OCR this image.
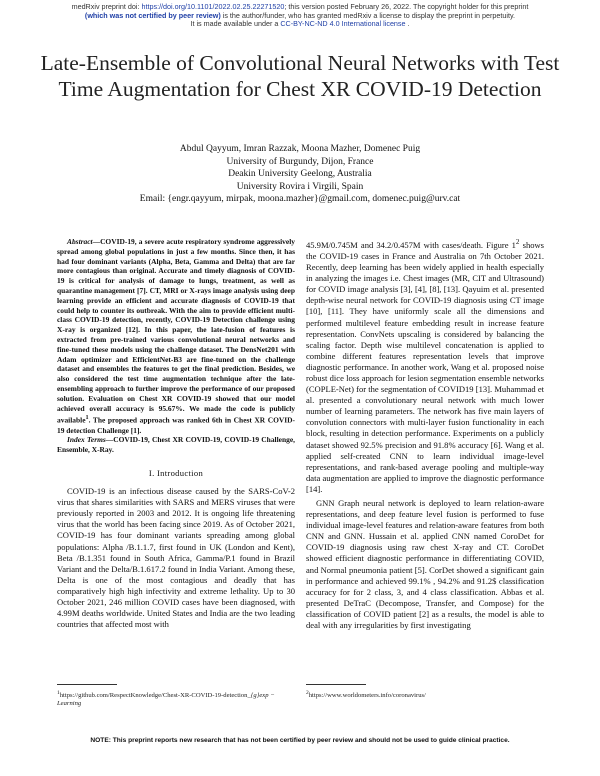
medRxiv preprint doi: https://doi.org/10.1101/2022.02.25.22271520; this version posted February 26, 2022. The copyright holder for this preprint
(which was not certified by peer review) is the author/funder, who has granted medRxiv a license to display the preprint in perpetuity.
It is made available under a CC-BY-NC-ND 4.0 International license .
Late-Ensemble of Convolutional Neural Networks with Test Time Augmentation for Chest XR COVID-19 Detection
Abdul Qayyum, Imran Razzak, Moona Mazher, Domenec Puig
University of Burgundy, Dijon, France
Deakin University Geelong, Australia
University Rovira i Virgili, Spain
Email: {engr.qayyum, mirpak, moona.mazher}@gmail.com, domenec.puig@urv.cat

Abstract—COVID-19, a severe acute respiratory syndrome aggressively spread among global populations in just a few months. Since then, it has had four dominant variants (Alpha, Beta, Gamma and Delta) that are far more contagious than original. Accurate and timely diagnosis of COVID-19 is critical for analysis of damage to lungs, treatment, as well as quarantine management [7]. CT, MRI or X-rays image analysis using deep learning provide an efficient and accurate diagnosis of COVID-19 that could help to counter its outbreak. With the aim to provide efficient multi-class COVID-19 detection, recently, COVID-19 Detection challenge using X-ray is organized [12]. In this paper, the late-fusion of features is extracted from pre-trained various convolutional neural networks and fine-tuned these models using the challenge dataset. The DensNet201 with Adam optimizer and EfficientNet-B3 are fine-tuned on the challenge dataset and ensembles the features to get the final prediction. Besides, we also considered the test time augmentation technique after the late-ensembling approach to further improve the performance of our proposed solution. Evaluation on Chest XR COVID-19 showed that our model achieved overall accuracy is 95.67%. We made the code is publicly available$^1$. The proposed approach was ranked 6th in Chest XR COVID-19 detection Challenge [1].

Index Terms—COVID-19, Chest XR COVID-19, COVID-19 Challenge, Ensemble, X-Ray.

I. Introduction

COVID-19 is an infectious disease caused by the SARS-CoV-2 virus that shares similarities with SARS and MERS viruses that were previously reported in 2003 and 2012. It is ongoing life threatening virus that the world has been facing since 2019. As of October 2021, COVID-19 has four dominant variants spreading among global populations: Alpha /B.1.1.7, first found in UK (London and Kent), Beta /B.1.351 found in South Africa, Gamma/P.1 found in Brazil Variant and the Delta/B.1.617.2 found in India Variant. Among these, Delta is one of the most contagious and deadly that has comparatively high high infectivity and extreme lethality. Up to 30 October 2021, 246 million COVID cases have been diagnosed, with 4.99M deaths worldwide. United States and India are the two leading countries that affected most with

45.9M/0.745M and 34.2/0.457M with cases/death. Figure $1^2$ shows the COVID-19 cases in France and Australia on 7th October 2021. Recently, deep learning has been widely applied in health especially in analyzing the images i.e. Chest images (MR, CIT and Ultrasound) for COVID image analysis [3], [4], [8], [13]. Qayuim et al. presented depth-wise neural network for COVID-19 diagnosis using CT image [10], [11]. They have uniformly scale all the dimensions and performed multilevel feature embedding result in increase feature representation. ConvNets upscaling is considered by balancing the scaling factor. Depth wise multilevel concatenation is applied to combine different features representation levels that improve diagnostic performance. In another work, Wang et al. proposed noise robust dice loss approach for lesion segmentation ensemble networks (COPLE-Net) for the segmentation of COVID19 [13]. Muhammad et al. presented a convolutionary neural network with much lower number of learning parameters. The network has five main layers of convolution connectors with multi-layer fusion functionality in each block, resulting in detection performance. Experiments on a publicly dataset showed 92.5% precision and 91.8% accuracy [6]. Wang et al. applied self-created CNN to learn individual image-level representations, and rank-based average pooling and multiple-way data augmentation are applied to improve the diagnostic performance [14].

GNN Graph neural network is deployed to learn relation-aware representations, and deep feature level fusion is performed to fuse individual image-level features and relation-aware features from both CNN and GNN. Hussain et al. applied CNN named CoroDet for COVID-19 diagnosis using raw chest X-ray and CT. CoroDet showed efficient diagnostic performance in differentiating COVID, and Normal pneumonia patient [5]. CorDet showed a significant gain in performance and achieved 99.1% , 94.2% and 91.2$ classification accuracy for for 2 class, 3, and 4 class classification. Abbas et al. presented DeTraC (Decompose, Transfer, and Compose) for the classification of COVID patient [2] as a results, the model is able to deal with any irregularities by first investigating

$^1$https://github.com/RespectKnowledge/Chest-XR-COVID-19-detection_{g}exp − Learning
$^2$https://www.worldometers.info/coronavirus/
NOTE: This preprint reports new research that has not been certified by peer review and should not be used to guide clinical practice.
